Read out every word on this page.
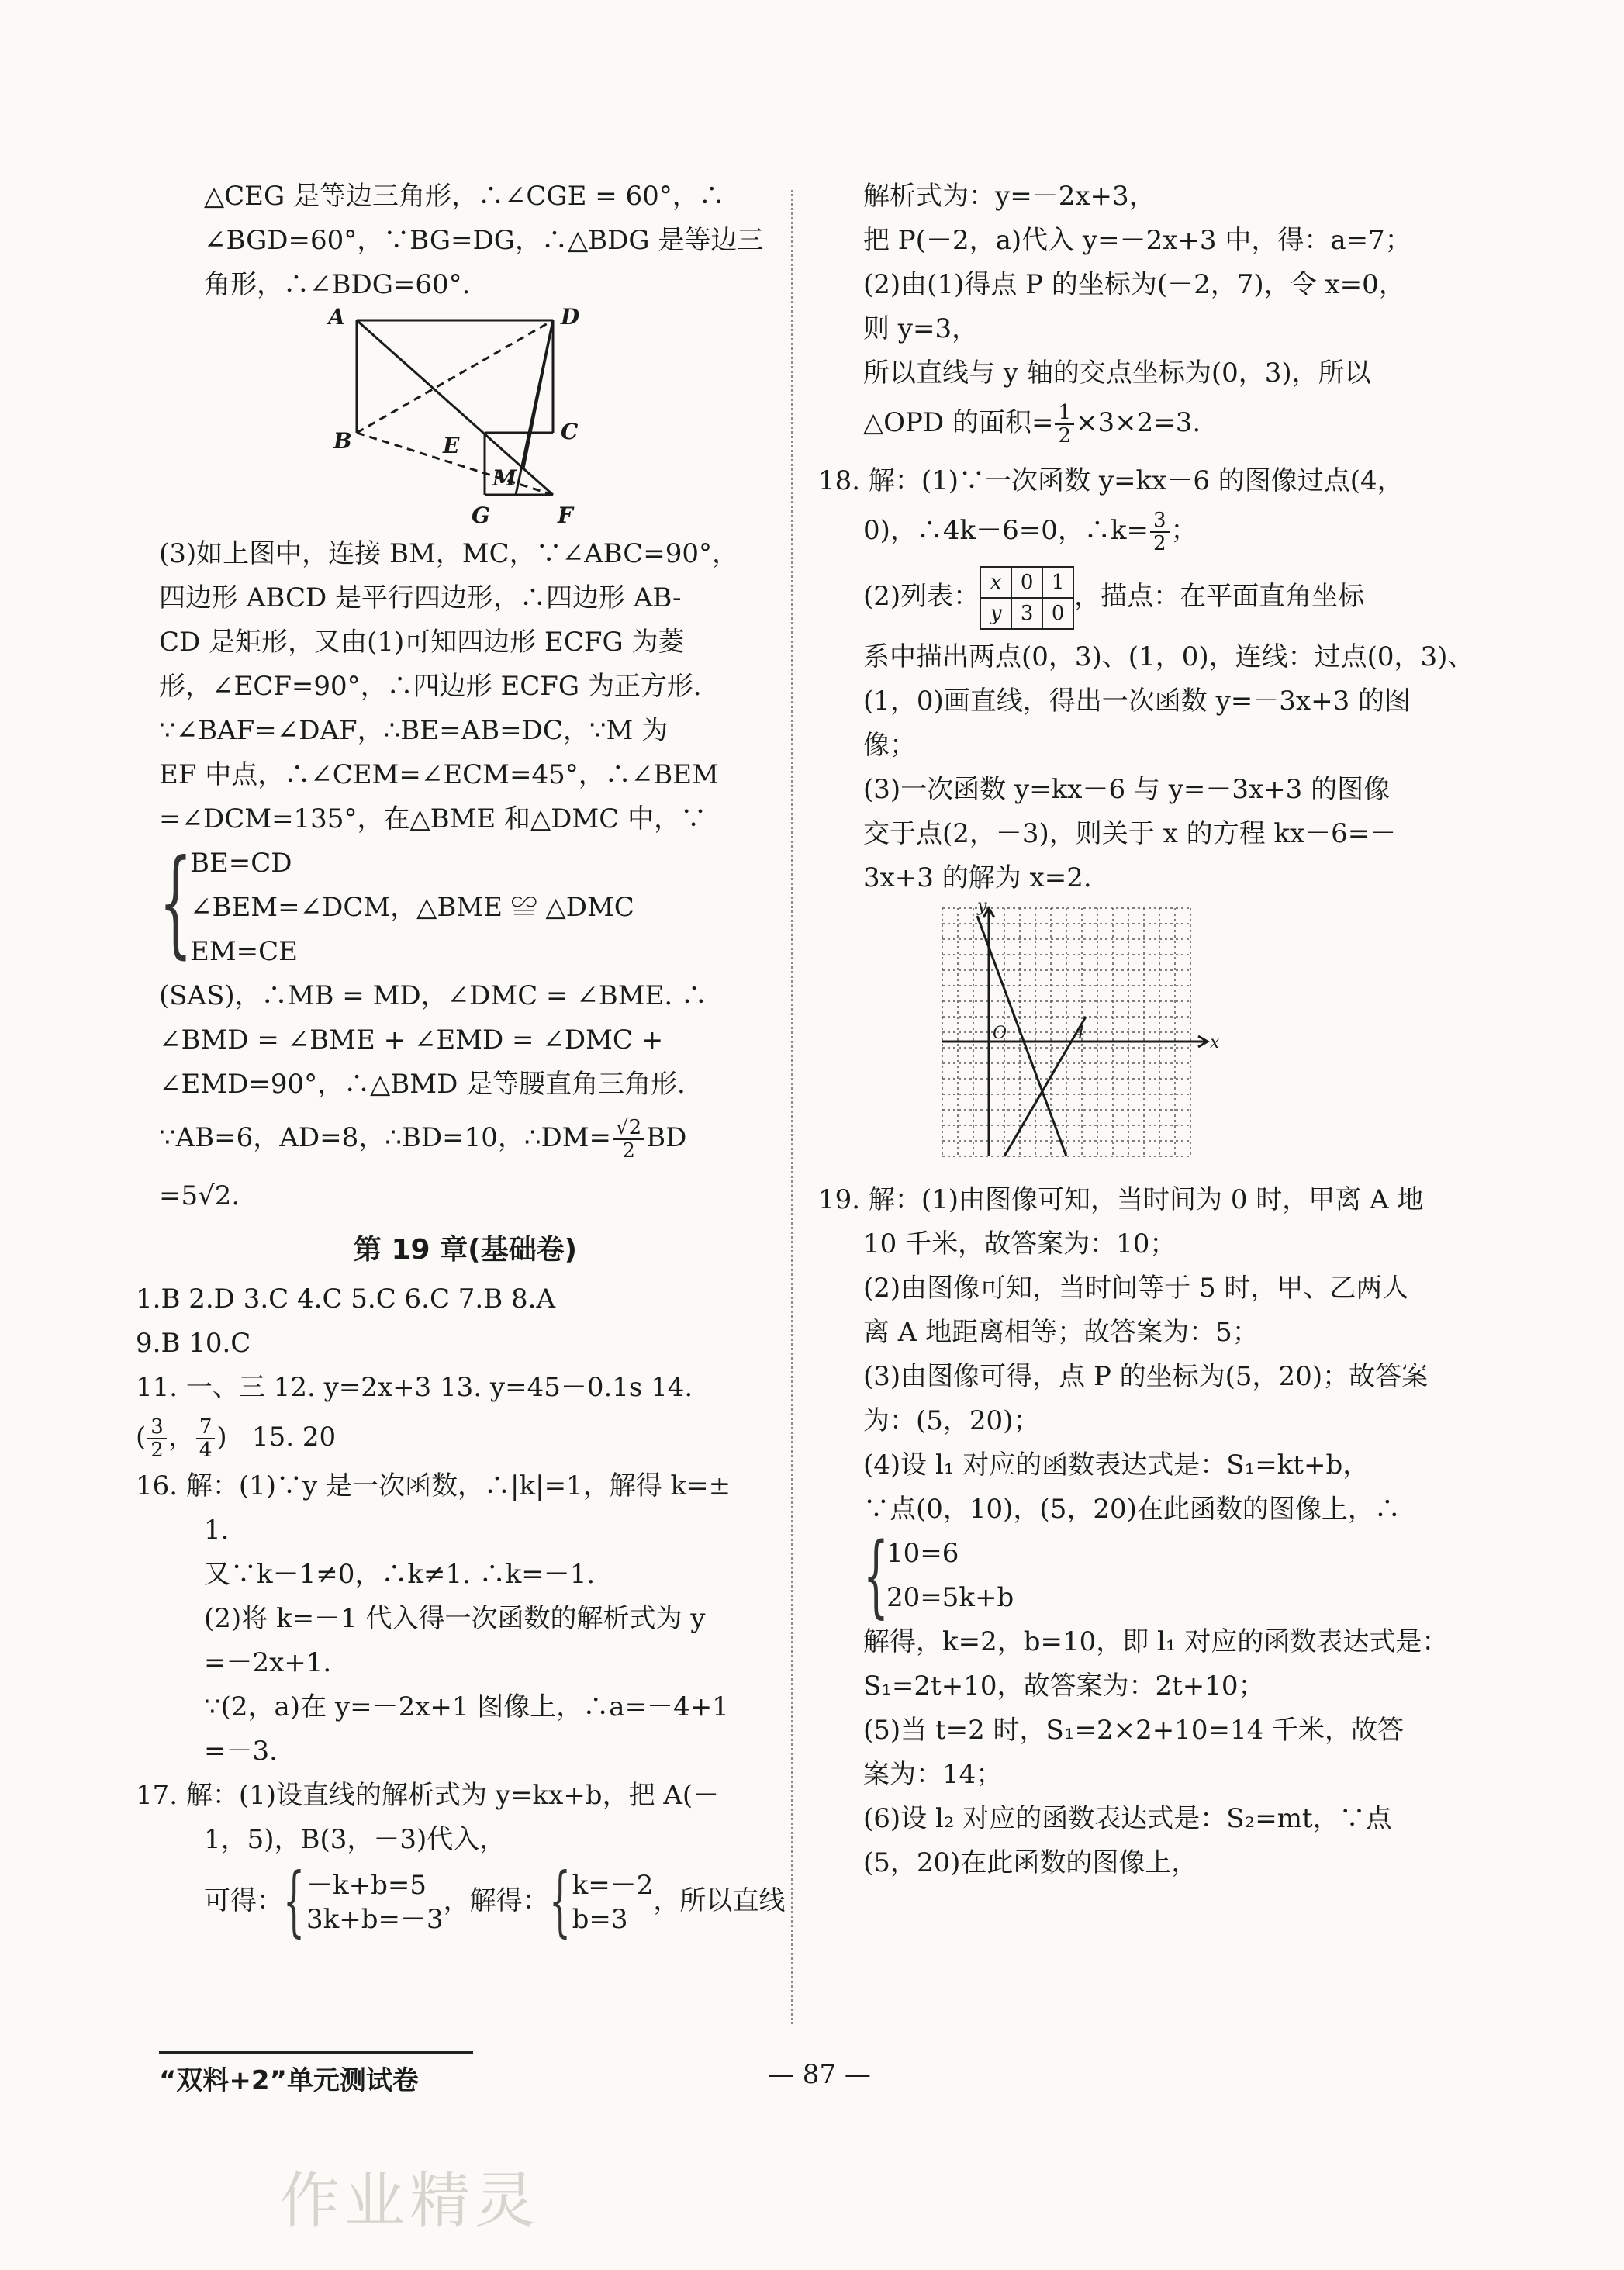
△CEG 是等边三角形，∴∠CGE = 60°，∴
∠BGD=60°，∵BG=DG，∴△BDG 是等边三
角形，∴∠BDG=60°.
A	D
B	C
E
M
G	F
(3)如上图中，连接 BM，MC，∵∠ABC=90°，
四边形 ABCD 是平行四边形，∴四边形 AB-
CD 是矩形，又由(1)可知四边形 ECFG 为菱
形，∠ECF=90°，∴四边形 ECFG 为正方形．
∵∠BAF=∠DAF，∴BE=AB=DC，∵M 为
EF 中点，∴∠CEM=∠ECM=45°，∴∠BEM
=∠DCM=135°，在△BME 和△DMC 中，∵
{
BE=CD
∠BEM=∠DCM，△BME ≌ △DMC
EM=CE
(SAS)，∴MB = MD，∠DMC = ∠BME. ∴
∠BMD = ∠BME + ∠EMD = ∠DMC +
∠EMD=90°，∴△BMD 是等腰直角三角形．
∵AB=6，AD=8，∴BD=10，∴DM= $\frac{√2}{2}$ BD
=5√2.
第 19 章(基础卷)
1.B 2.D 3.C 4.C 5.C 6.C 7.B 8.A
9.B 10.C
11. 一、三 12. y=2x+3 13. y=45－0.1s 14.
( $\frac{3}{2}$ ， $\frac{7}{4}$ )   15. 20
16. 解：(1)∵y 是一次函数，∴|k|=1，解得 k=±
1.
又∵k－1≠0，∴k≠1. ∴k=－1.
(2)将 k=－1 代入得一次函数的解析式为 y
=－2x+1.
∵(2，a)在 y=－2x+1 图像上，∴a=－4+1
=－3.
17. 解：(1)设直线的解析式为 y=kx+b，把 A(－
1，5)，B(3，－3)代入，
可得： { －k+b=5
3k+b=－3
，解得： { k=－2
b=3
，所以直线
解析式为：y=－2x+3，
把 P(－2，a)代入 y=－2x+3 中，得：a=7；
(2)由(1)得点 P 的坐标为(－2，7)，令 x=0，
则 y=3，
所以直线与 y 轴的交点坐标为(0，3)，所以
△OPD 的面积= $\frac{1}{2} \times 3\times 2=3$.
18. 解：(1)∵一次函数 y=kx－6 的图像过点(4，
0)，∴4k－6=0，∴k= $\frac{3}{2}$ ；
(2)列表： x	0	1
y	3	0，描点：在平面直角坐标
系中描出两点(0，3)、(1，0)，连线：过点(0，3)、
(1，0)画直线，得出一次函数 y=－3x+3 的图
像；
(3)一次函数 y=kx－6 与 y=－3x+3 的图像
交于点(2，－3)，则关于 x 的方程 kx－6=－
3x+3 的解为 x=2.
y
x
O	4
19. 解：(1)由图像可知，当时间为 0 时，甲离 A 地
10 千米，故答案为：10；
(2)由图像可知，当时间等于 5 时，甲、乙两人
离 A 地距离相等；故答案为：5；
(3)由图像可得，点 P 的坐标为(5，20)；故答案
为：(5，20)；
(4)设 l₁ 对应的函数表达式是：S₁=kt+b，
∵点(0，10)，(5，20)在此函数的图像上，∴
{
10=6
20=5k+b
解得，k=2，b=10，即 l₁ 对应的函数表达式是：
S₁=2t+10，故答案为：2t+10；
(5)当 t=2 时，S₁=2×2+10=14 千米，故答
案为：14；
(6)设 l₂ 对应的函数表达式是：S₂=mt，∵点
(5，20)在此函数的图像上，
“双料+2”单元测试卷	— 87 —
作业精灵
